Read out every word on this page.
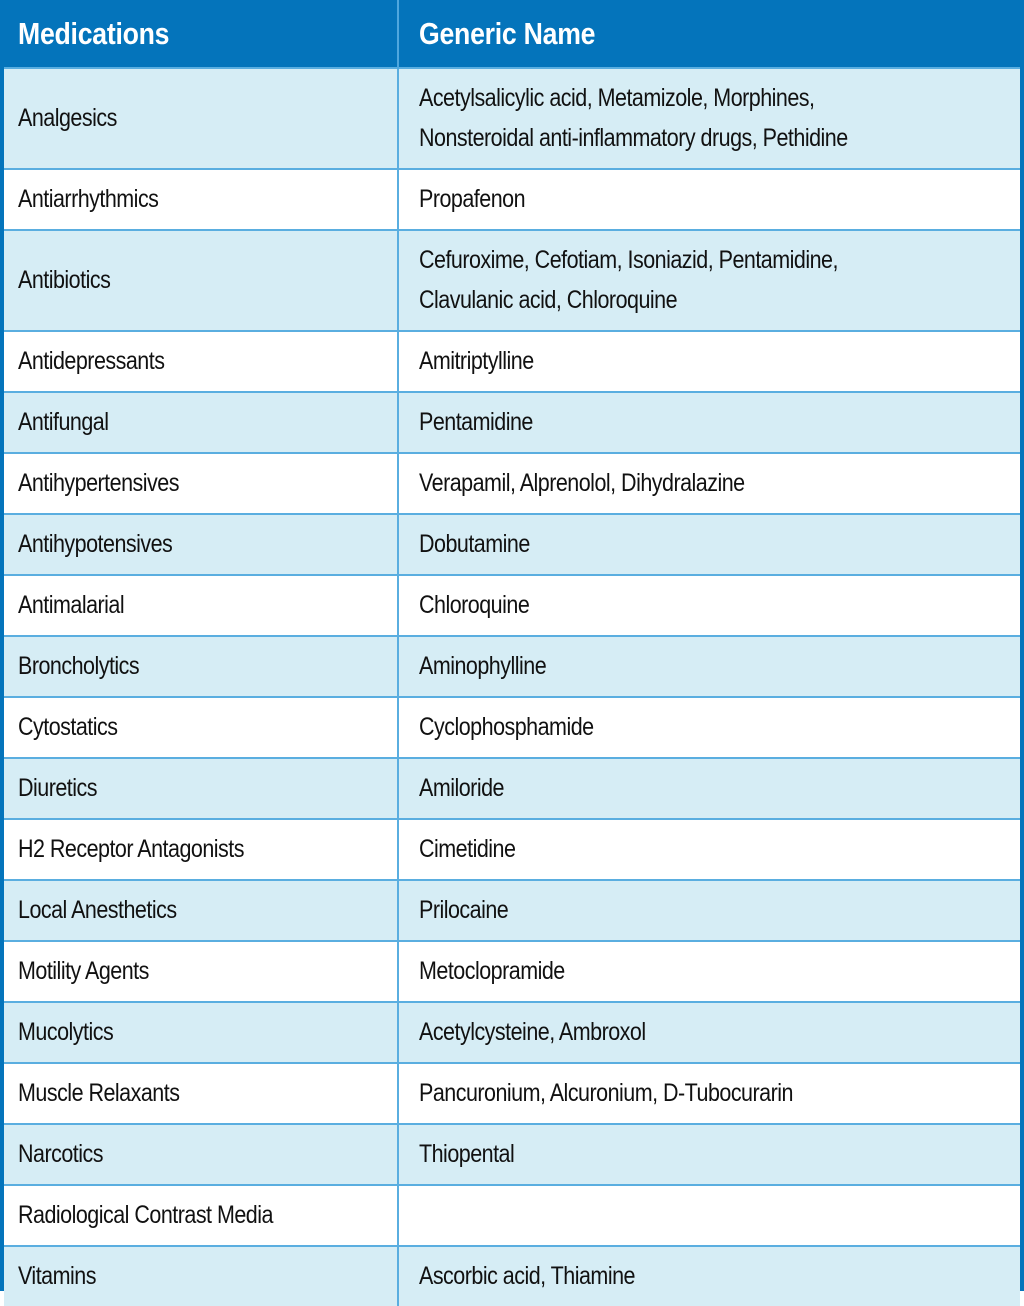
Medications	Generic Name
Analgesics	Acetylsalicylic acid, Metamizole, Morphines,
Nonsteroidal anti-inflammatory drugs, Pethidine
Antiarrhythmics	Propafenon
Antibiotics	Cefuroxime, Cefotiam, Isoniazid, Pentamidine,
Clavulanic acid, Chloroquine
Antidepressants	Amitriptylline
Antifungal	Pentamidine
Antihypertensives	Verapamil, Alprenolol, Dihydralazine
Antihypotensives	Dobutamine
Antimalarial	Chloroquine
Broncholytics	Aminophylline
Cytostatics	Cyclophosphamide
Diuretics	Amiloride
H2 Receptor Antagonists	Cimetidine
Local Anesthetics	Prilocaine
Motility Agents	Metoclopramide
Mucolytics	Acetylcysteine, Ambroxol
Muscle Relaxants	Pancuronium, Alcuronium, D-Tubocurarin
Narcotics	Thiopental
Radiological Contrast Media	
Vitamins	Ascorbic acid, Thiamine
